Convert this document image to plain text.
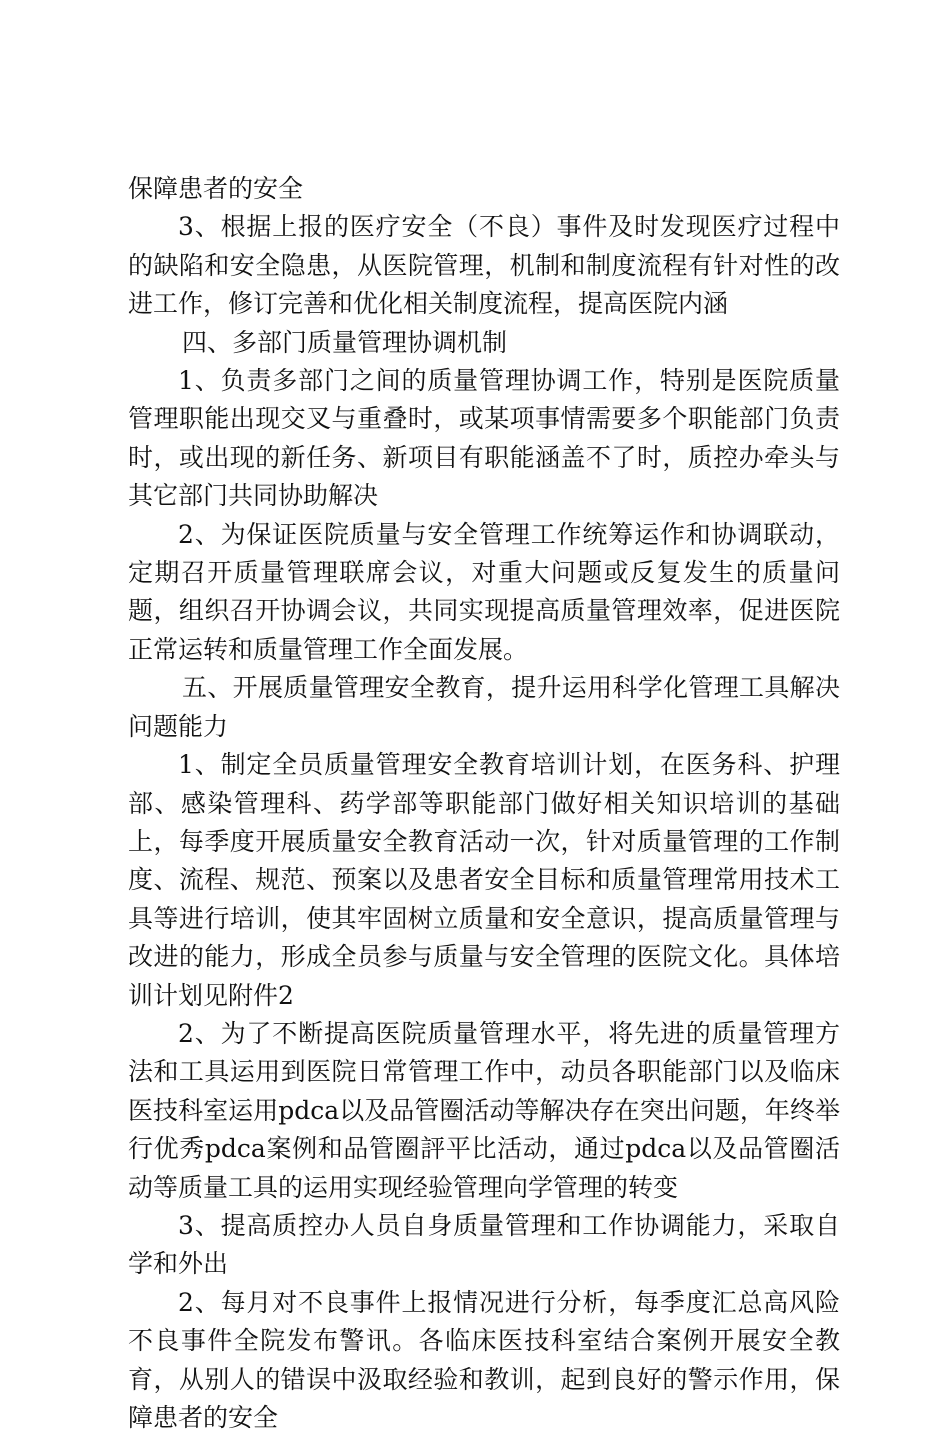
保障患者的安全

3、根据上报的医疗安全（不良）事件及时发现医疗过程中的缺陷和安全隐患，从医院管理，机制和制度流程有针对性的改进工作，修订完善和优化相关制度流程，提高医院内涵

四、多部门质量管理协调机制

1、负责多部门之间的质量管理协调工作，特别是医院质量管理职能出现交叉与重叠时，或某项事情需要多个职能部门负责时，或出现的新任务、新项目有职能涵盖不了时，质控办牵头与其它部门共同协助解决

2、为保证医院质量与安全管理工作统筹运作和协调联动，定期召开质量管理联席会议，对重大问题或反复发生的质量问题，组织召开协调会议，共同实现提高质量管理效率，促进医院正常运转和质量管理工作全面发展。

五、开展质量管理安全教育，提升运用科学化管理工具解决问题能力

1、制定全员质量管理安全教育培训计划，在医务科、护理部、感染管理科、药学部等职能部门做好相关知识培训的基础上，每季度开展质量安全教育活动一次，针对质量管理的工作制度、流程、规范、预案以及患者安全目标和质量管理常用技术工具等进行培训，使其牢固树立质量和安全意识，提高质量管理与改进的能力，形成全员参与质量与安全管理的医院文化。具体培训计划见附件2

2、为了不断提高医院质量管理水平，将先进的质量管理方法和工具运用到医院日常管理工作中，动员各职能部门以及临床医技科室运用pdca以及品管圈活动等解决存在突出问题，年终举行优秀pdca案例和品管圈評平比活动，通过pdca以及品管圈活动等质量工具的运用实现经验管理向学管理的转变

3、提高质控办人员自身质量管理和工作协调能力，采取自学和外出

2、每月对不良事件上报情况进行分析，每季度汇总高风险不良事件全院发布警讯。各临床医技科室结合案例开展安全教育，从别人的错误中汲取经验和教训，起到良好的警示作用，保障患者的安全
